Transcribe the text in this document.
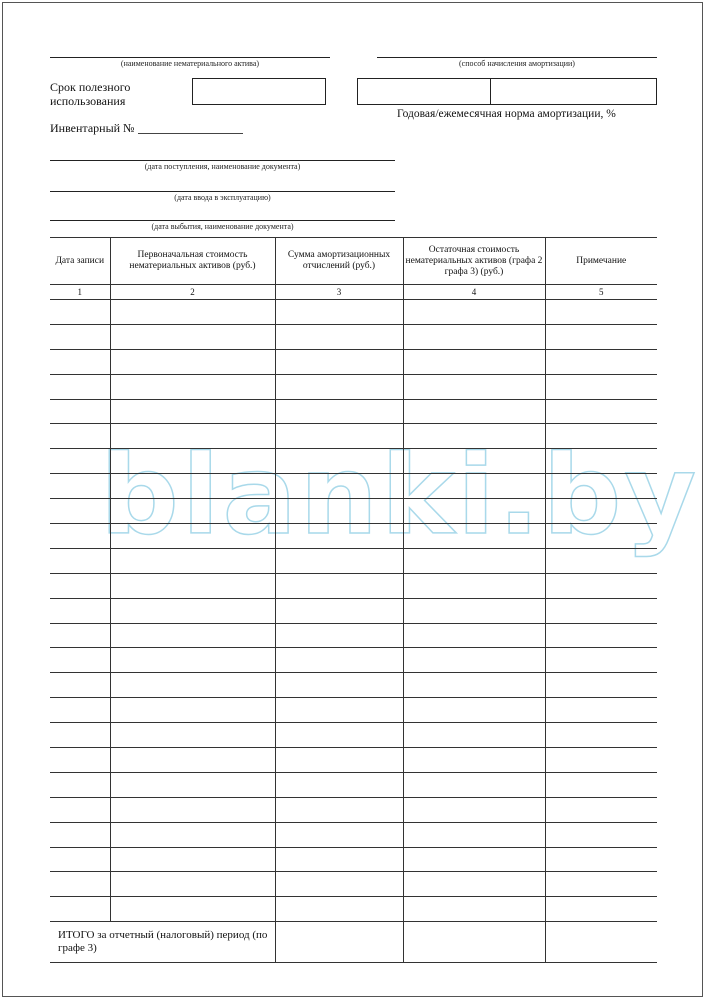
blanki.by
(наименование нематериального актива)	(способ начисления амортизации)
Срок полезного использования
Годовая/ежемесячная норма амортизации, %
Инвентарный №
(дата поступления, наименование документа)
(дата ввода в эксплуатацию)
(дата выбытия, наименование документа)
Дата записи	Первоначальная стоимость нематериальных активов (руб.)	Сумма амортизационных отчислений (руб.)	Остаточная стоимость нематериальных активов (графа 2 графа 3) (руб.)	Примечание
1	2	3	4	5

ИТОГО за отчетный (налоговый) период (по графе 3)				
